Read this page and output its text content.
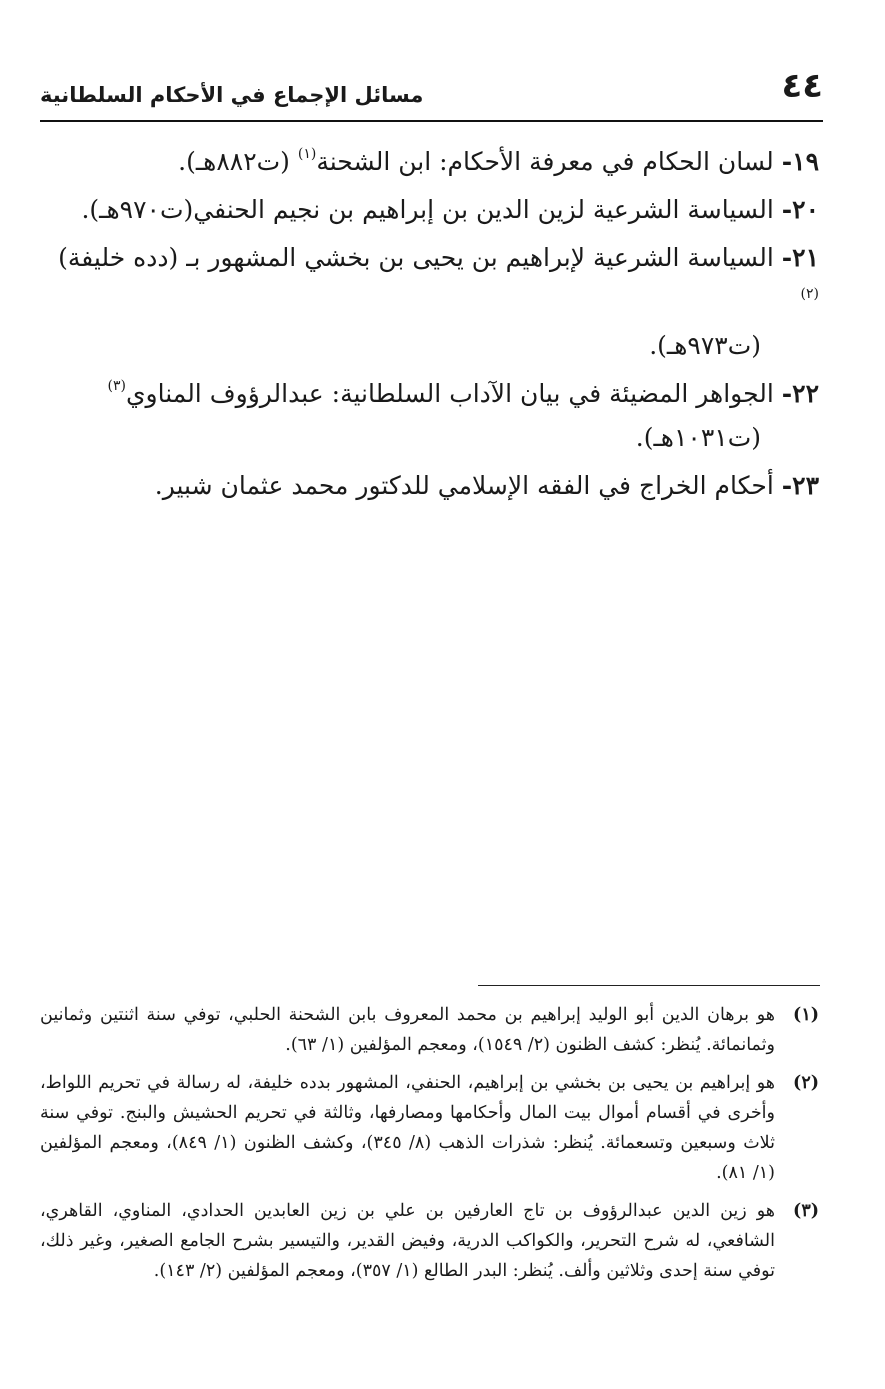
٤٤
مسائل الإجماع في الأحكام السلطانية
١٩- لسان الحكام في معرفة الأحكام: ابن الشحنة$^{(١)}$ (ت٨٨٢هـ).
٢٠- السياسة الشرعية لزين الدين بن إبراهيم بن نجيم الحنفي(ت٩٧٠هـ).
٢١- السياسة الشرعية لإبراهيم بن يحيى بن بخشي المشهور بـ (دده خليفة)$^{(٢)}$
(ت٩٧٣هـ).
٢٢- الجواهر المضيئة في بيان الآداب السلطانية: عبدالرؤوف المناوي$^{(٣)}$
(ت١٠٣١هـ).
٢٣- أحكام الخراج في الفقه الإسلامي للدكتور محمد عثمان شبير.
(١)
هو برهان الدين أبو الوليد إبراهيم بن محمد المعروف بابن الشحنة الحلبي، توفي سنة اثنتين وثمانين وثمانمائة. يُنظر: كشف الظنون (٢/ ١٥٤٩)، ومعجم المؤلفين (١/ ٦٣).
(٢)
هو إبراهيم بن يحيى بن بخشي بن إبراهيم، الحنفي، المشهور بدده خليفة، له رسالة في تحريم اللواط، وأخرى في أقسام أموال بيت المال وأحكامها ومصارفها، وثالثة في تحريم الحشيش والبنج. توفي سنة ثلاث وسبعين وتسعمائة. يُنظر: شذرات الذهب (٨/ ٣٤٥)، وكشف الظنون (١/ ٨٤٩)، ومعجم المؤلفين (١/ ٨١).
(٣)
هو زين الدين عبدالرؤوف بن تاج العارفين بن علي بن زين العابدين الحدادي، المناوي، القاهري، الشافعي، له شرح التحرير، والكواكب الدرية، وفيض القدير، والتيسير بشرح الجامع الصغير، وغير ذلك، توفي سنة إحدى وثلاثين وألف. يُنظر: البدر الطالع (١/ ٣٥٧)، ومعجم المؤلفين (٢/ ١٤٣).
